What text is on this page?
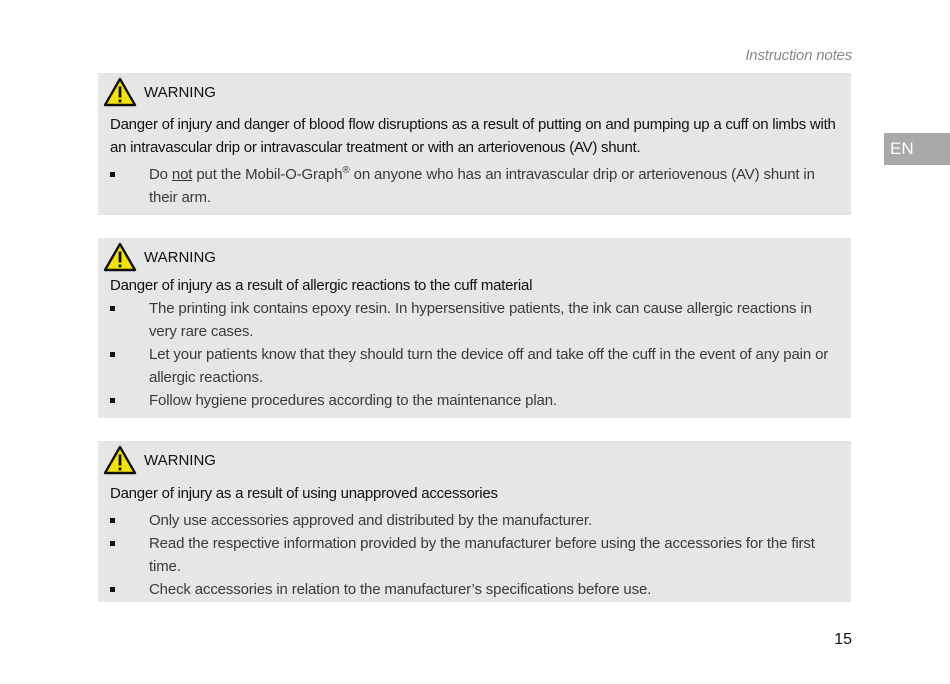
Instruction notes
EN
WARNING
Danger of injury and danger of blood flow disruptions as a result of putting on and pumping up a cuff on limbs with an intravascular drip or intravascular treatment or with an arteriovenous (AV) shunt.
Do not put the Mobil-O-Graph® on anyone who has an intravascular drip or arteriovenous (AV) shunt in their arm.
WARNING
Danger of injury as a result of allergic reactions to the cuff material
The printing ink contains epoxy resin. In hypersensitive patients, the ink can cause allergic reactions in very rare cases.
Let your patients know that they should turn the device off and take off the cuff in the event of any pain or allergic reactions.
Follow hygiene procedures according to the maintenance plan.
WARNING
Danger of injury as a result of using unapproved accessories
Only use accessories approved and distributed by the manufacturer.
Read the respective information provided by the manufacturer before using the accessories for the first time.
Check accessories in relation to the manufacturer’s specifications before use.
15
